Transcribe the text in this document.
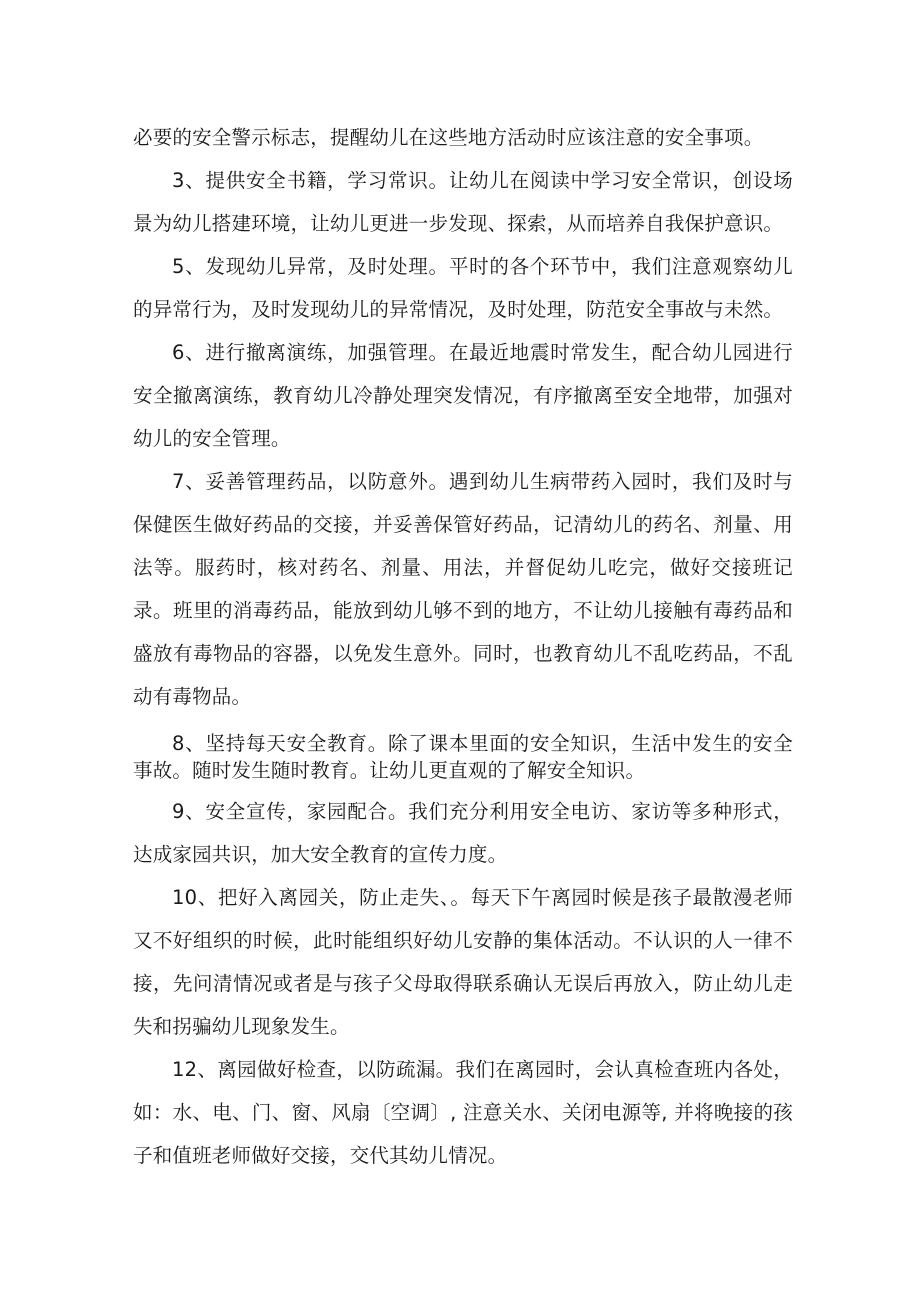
必要的安全警示标志，提醒幼儿在这些地方活动时应该注意的安全事项。

3、提供安全书籍，学习常识。让幼儿在阅读中学习安全常识，创设场景为幼儿搭建环境，让幼儿更进一步发现、探索，从而培养自我保护意识。

5、发现幼儿异常，及时处理。平时的各个环节中，我们注意观察幼儿的异常行为，及时发现幼儿的异常情况，及时处理，防范安全事故与未然。

6、进行撤离演练，加强管理。在最近地震时常发生，配合幼儿园进行安全撤离演练，教育幼儿冷静处理突发情况，有序撤离至安全地带，加强对幼儿的安全管理。

7、妥善管理药品，以防意外。遇到幼儿生病带药入园时，我们及时与保健医生做好药品的交接，并妥善保管好药品，记清幼儿的药名、剂量、用法等。服药时，核对药名、剂量、用法，并督促幼儿吃完，做好交接班记录。班里的消毒药品，能放到幼儿够不到的地方，不让幼儿接触有毒药品和盛放有毒物品的容器，以免发生意外。同时，也教育幼儿不乱吃药品，不乱动有毒物品。

8、坚持每天安全教育。除了课本里面的安全知识，生活中发生的安全事故。随时发生随时教育。让幼儿更直观的了解安全知识。

9、安全宣传，家园配合。我们充分利用安全电访、家访等多种形式，达成家园共识，加大安全教育的宣传力度。

10、把好入离园关，防止走失、。每天下午离园时候是孩子最散漫老师又不好组织的时候，此时能组织好幼儿安静的集体活动。不认识的人一律不接，先问清情况或者是与孩子父母取得联系确认无误后再放入，防止幼儿走失和拐骗幼儿现象发生。

12、离园做好检查，以防疏漏。我们在离园时，会认真检查班内各处，如：水、电、门、窗、风扇〔空调〕, 注意关水、关闭电源等, 并将晚接的孩子和值班老师做好交接，交代其幼儿情况。
